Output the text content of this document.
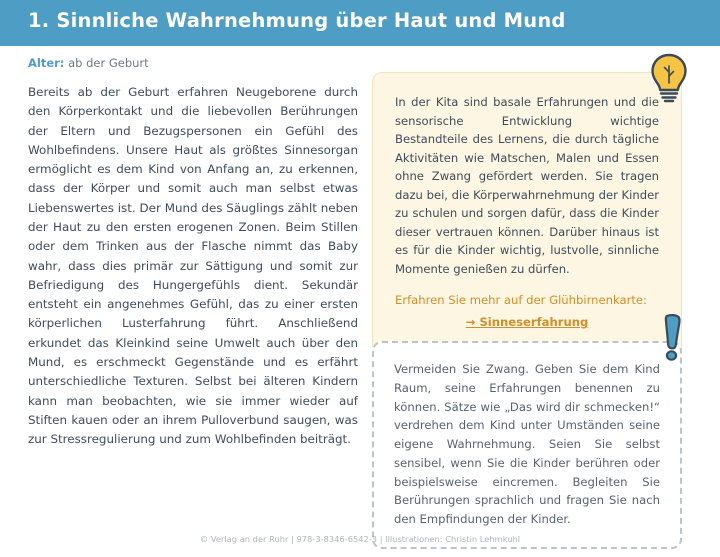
1. Sinnliche Wahrnehmung über Haut und Mund
Alter: ab der Geburt
Bereits ab der Geburt erfahren Neugeborene durch den Körperkontakt und die liebevollen Berührungen der Eltern und Bezugspersonen ein Gefühl des Wohlbefindens. Unsere Haut als größtes Sinnesorgan ermöglicht es dem Kind von Anfang an, zu erkennen, dass der Körper und somit auch man selbst etwas Liebenswertes ist. Der Mund des Säuglings zählt neben der Haut zu den ersten erogenen Zonen. Beim Stillen oder dem Trinken aus der Flasche nimmt das Baby wahr, dass dies primär zur Sättigung und somit zur Befriedigung des Hungergefühls dient. Sekundär entsteht ein angenehmes Gefühl, das zu einer ersten körperlichen Lusterfahrung führt. Anschließend erkundet das Kleinkind seine Umwelt auch über den Mund, es erschmeckt Gegenstände und es erfährt unterschiedliche Texturen. Selbst bei älteren Kindern kann man beobachten, wie sie immer wieder auf Stiften kauen oder an ihrem Pulloverbund saugen, was zur Stressregulierung und zum Wohlbefinden beiträgt.

In der Kita sind basale Erfahrungen und die sensorische Entwicklung wichtige Bestandteile des Lernens, die durch tägliche Aktivitäten wie Matschen, Malen und Essen ohne Zwang gefördert werden. Sie tragen dazu bei, die Körperwahrnehmung der Kinder zu schulen und sorgen dafür, dass die Kinder dieser vertrauen können. Darüber hinaus ist es für die Kinder wichtig, lustvolle, sinnliche Momente genießen zu dürfen.

Erfahren Sie mehr auf der Glühbirnenkarte:

→ Sinneserfahrung

Vermeiden Sie Zwang. Geben Sie dem Kind Raum, seine Erfahrungen benennen zu können. Sätze wie „Das wird dir schmecken!“ verdrehen dem Kind unter Umständen seine eigene Wahrnehmung. Seien Sie selbst sensibel, wenn Sie die Kinder berühren oder beispielsweise eincremen. Begleiten Sie Berührungen sprachlich und fragen Sie nach den Empfindungen der Kinder.

© Verlag an der Ruhr | 978-3-8346-6542-3 | Illustrationen: Christin Lehmkuhl
